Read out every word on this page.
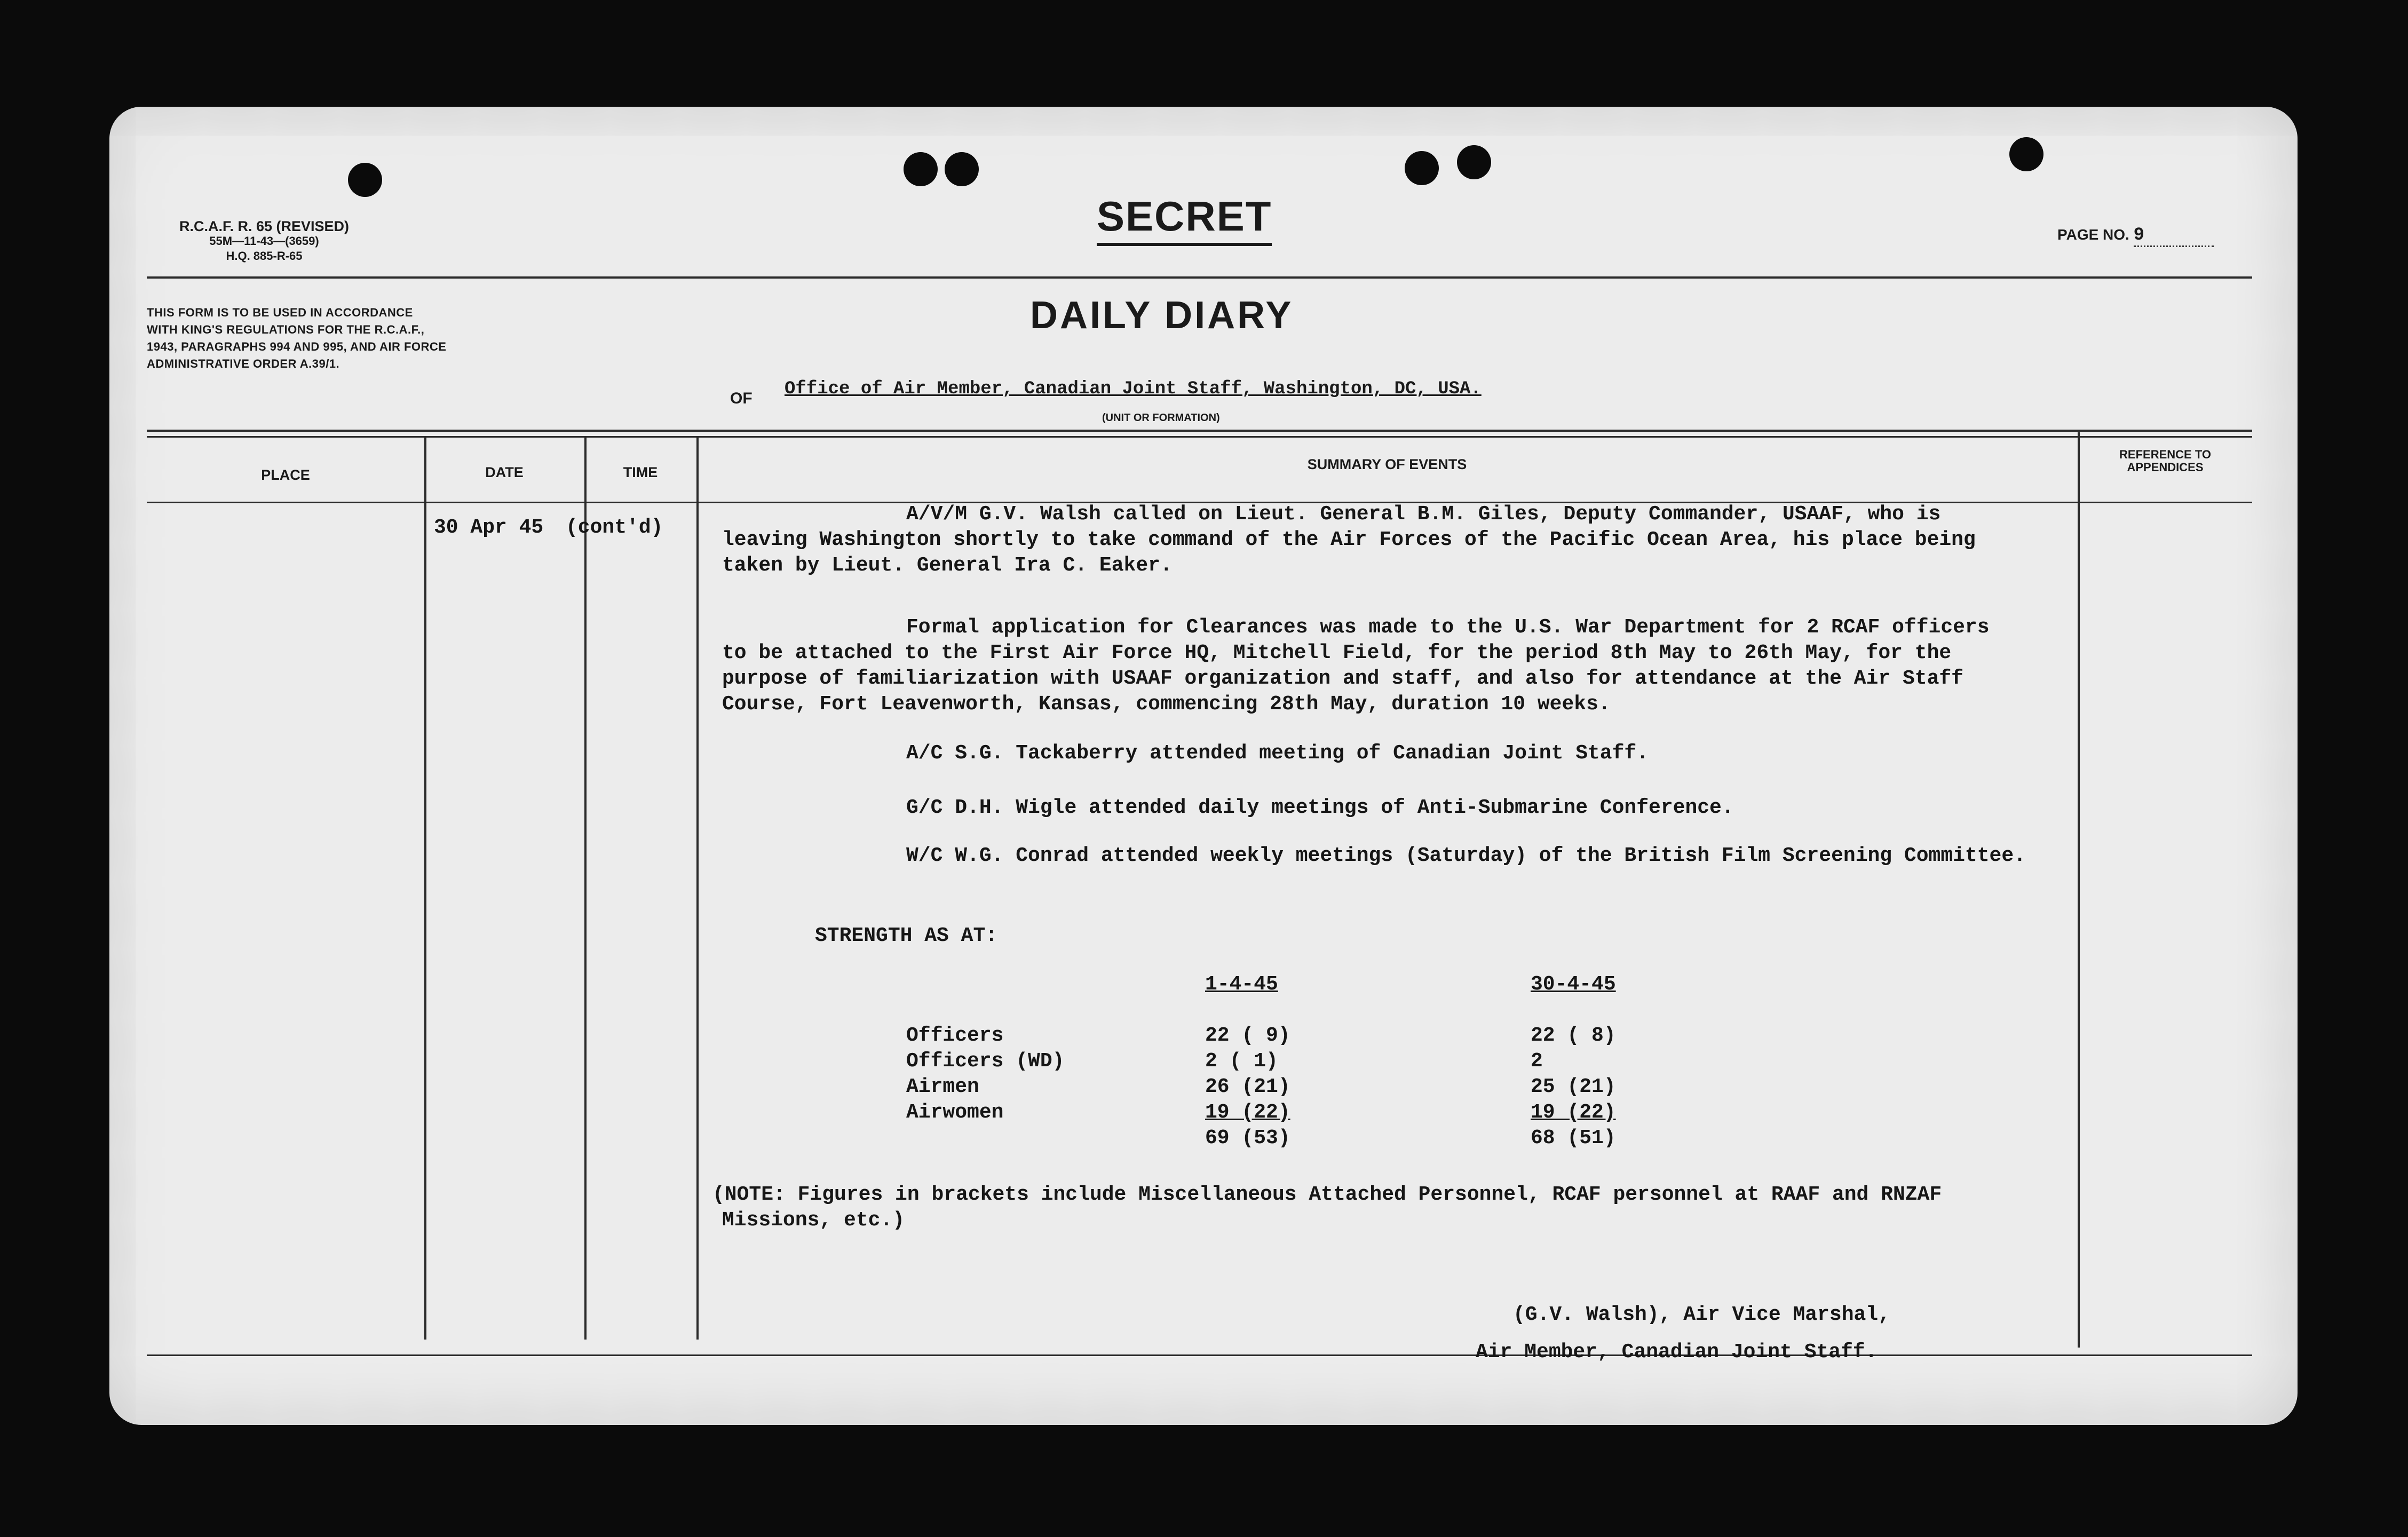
R.C.A.F. R. 65 (REVISED)
55M—11-43—(3659)
H.Q. 885-R-65
SECRET	PAGE NO. 9
THIS FORM IS TO BE USED IN ACCORDANCE
WITH KING'S REGULATIONS FOR THE R.C.A.F.,
1943, PARAGRAPHS 994 AND 995, AND AIR FORCE
ADMINISTRATIVE ORDER A.39/1.
DAILY DIARY
OF Office of Air Member, Canadian Joint Staff, Washington, DC, USA.
(UNIT OR FORMATION)
PLACE	DATE	TIME	SUMMARY OF EVENTS
REFERENCE TO APPENDICES
30 Apr 45 (cont'd)

A/V/M G.V. Walsh called on Lieut. General B.M. Giles, Deputy Commander, USAAF, who is

leaving Washington shortly to take command of the Air Forces of the Pacific Ocean Area, his place being

taken by Lieut. General Ira C. Eaker.

Formal application for Clearances was made to the U.S. War Department for 2 RCAF officers

to be attached to the First Air Force HQ, Mitchell Field, for the period 8th May to 26th May, for the

purpose of familiarization with USAAF organization and staff, and also for attendance at the Air Staff

Course, Fort Leavenworth, Kansas, commencing 28th May, duration 10 weeks.

A/C S.G. Tackaberry attended meeting of Canadian Joint Staff.
G/C D.H. Wigle attended daily meetings of Anti-Submarine Conference.
W/C W.G. Conrad attended weekly meetings (Saturday) of the British Film Screening Committee.
STRENGTH AS AT:
	1-4-45	30-4-45

Officers	22 ( 9)	22 ( 8)
Officers (WD)	2 ( 1)	2
Airmen	26 (21)	25 (21)
Airwomen	19 (22)	19 (22)
	69 (53)	68 (51)
(NOTE: Figures in brackets include Miscellaneous Attached Personnel, RCAF personnel at RAAF and RNZAF
Missions, etc.)
(G.V. Walsh), Air Vice Marshal,
Air Member, Canadian Joint Staff.
